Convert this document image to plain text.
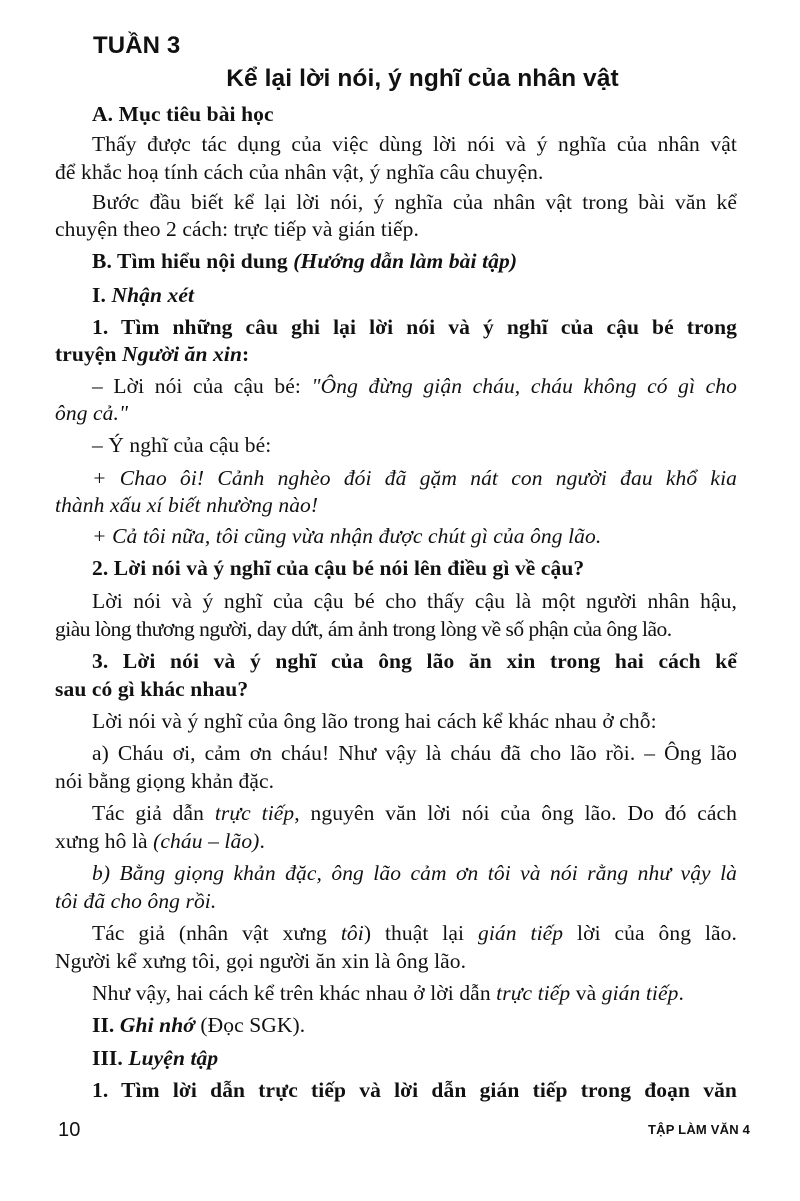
TUẦN 3
Kể lại lời nói, ý nghĩ của nhân vật
A. Mục tiêu bài học
Thấy được tác dụng của việc dùng lời nói và ý nghĩa của nhân vật
để khắc hoạ tính cách của nhân vật, ý nghĩa câu chuyện.
Bước đầu biết kể lại lời nói, ý nghĩa của nhân vật trong bài văn kể
chuyện theo 2 cách: trực tiếp và gián tiếp.
B. Tìm hiểu nội dung (Hướng dẫn làm bài tập)
I. Nhận xét
1. Tìm những câu ghi lại lời nói và ý nghĩ của cậu bé trong
truyện Người ăn xin:
– Lời nói của cậu bé: "Ông đừng giận cháu, cháu không có gì cho
ông cả."
– Ý nghĩ của cậu bé:
+ Chao ôi! Cảnh nghèo đói đã gặm nát con người đau khổ kia
thành xấu xí biết nhường nào!
+ Cả tôi nữa, tôi cũng vừa nhận được chút gì của ông lão.
2. Lời nói và ý nghĩ của cậu bé nói lên điều gì về cậu?
Lời nói và ý nghĩ của cậu bé cho thấy cậu là một người nhân hậu,
giàu lòng thương người, day dứt, ám ảnh trong lòng về số phận của ông lão.
3. Lời nói và ý nghĩ của ông lão ăn xin trong hai cách kể
sau có gì khác nhau?
Lời nói và ý nghĩ của ông lão trong hai cách kể khác nhau ở chỗ:
a) Cháu ơi, cảm ơn cháu! Như vậy là cháu đã cho lão rồi. – Ông lão
nói bằng giọng khản đặc.
Tác giả dẫn trực tiếp, nguyên văn lời nói của ông lão. Do đó cách
xưng hô là (cháu – lão).
b) Bằng giọng khản đặc, ông lão cảm ơn tôi và nói rằng như vậy là
tôi đã cho ông rồi.
Tác giả (nhân vật xưng tôi) thuật lại gián tiếp lời của ông lão.
Người kể xưng tôi, gọi người ăn xin là ông lão.
Như vậy, hai cách kể trên khác nhau ở lời dẫn trực tiếp và gián tiếp.
II. Ghi nhớ (Đọc SGK).
III. Luyện tập
1. Tìm lời dẫn trực tiếp và lời dẫn gián tiếp trong đoạn văn
10	TẬP LÀM VĂN 4
